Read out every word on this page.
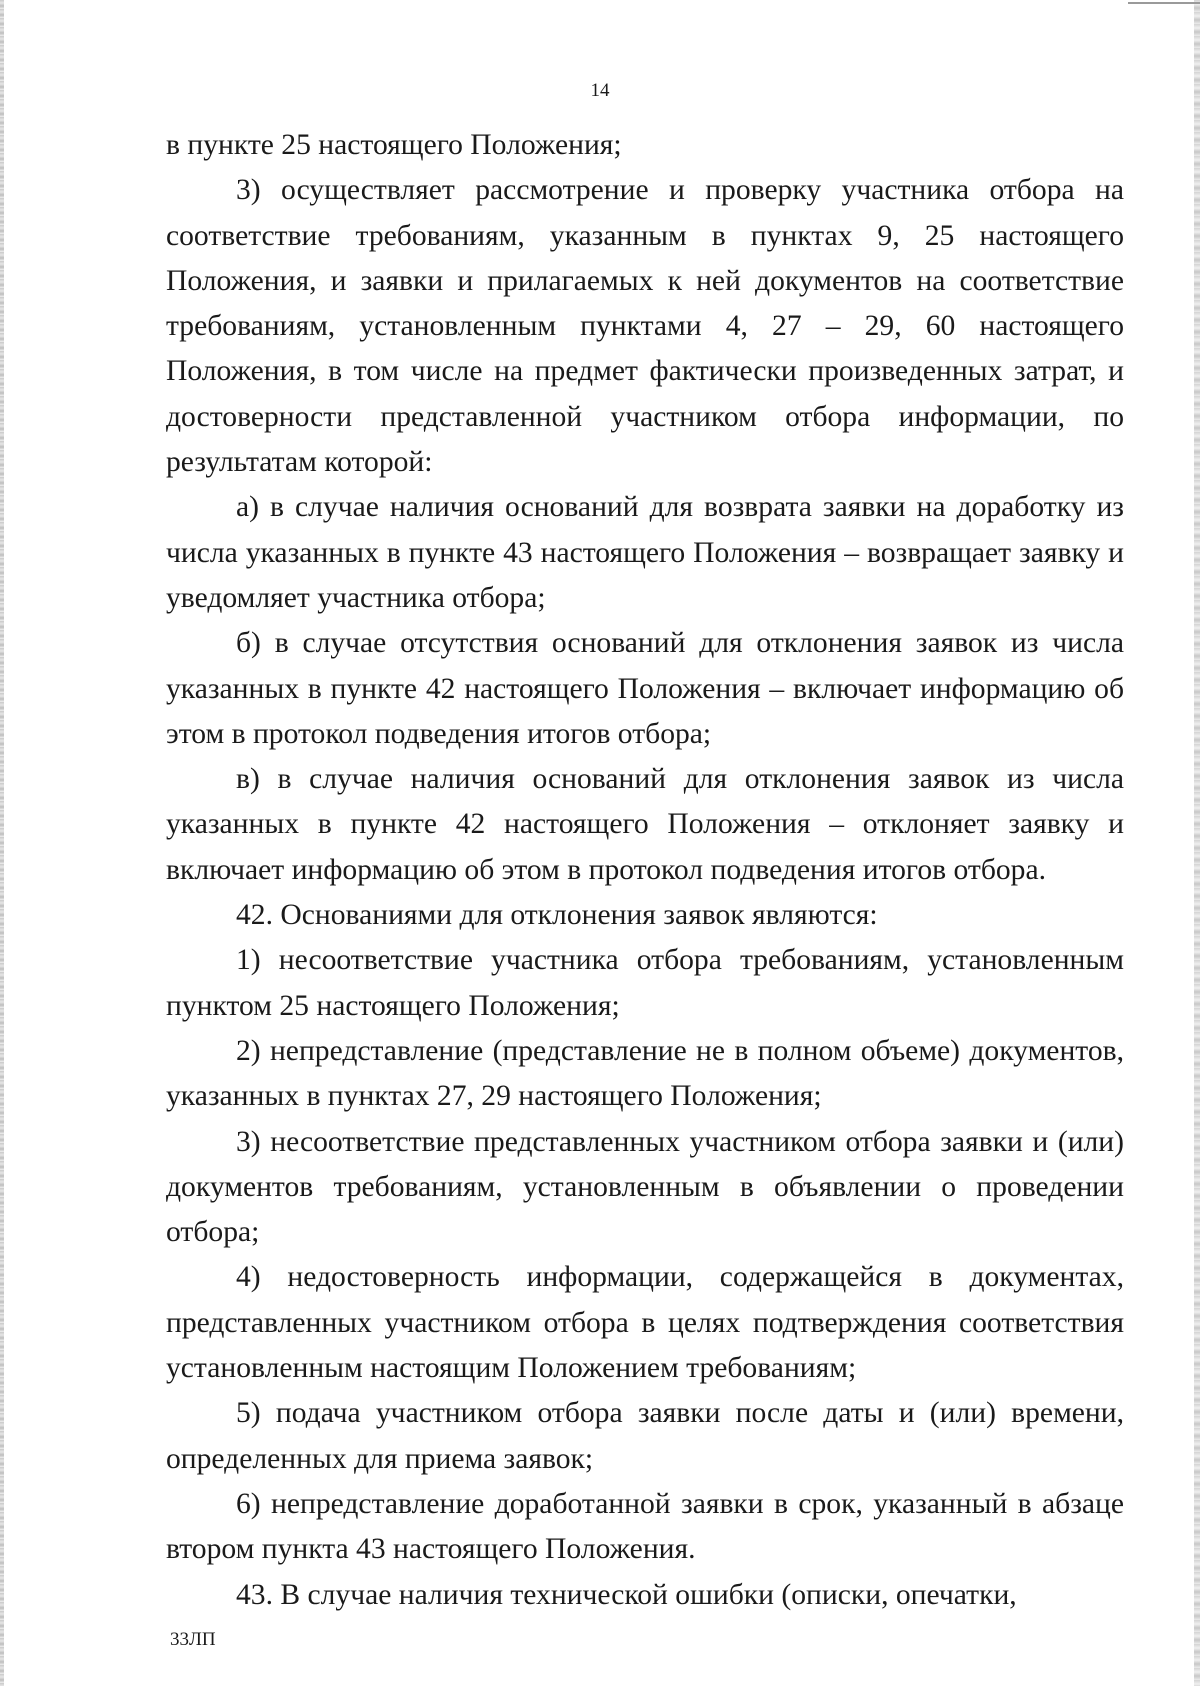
14

в пункте 25 настоящего Положения;

3) осуществляет рассмотрение и проверку участника отбора на соответствие требованиям, указанным в пунктах 9, 25 настоящего Положения, и заявки и прилагаемых к ней документов на соответствие требованиям, установленным пунктами 4, 27 – 29, 60 настоящего Положения, в том числе на предмет фактически произведенных затрат, и достоверности представленной участником отбора информации, по результатам которой:

а) в случае наличия оснований для возврата заявки на доработку из числа указанных в пункте 43 настоящего Положения – возвращает заявку и уведомляет участника отбора;

б) в случае отсутствия оснований для отклонения заявок из числа указанных в пункте 42 настоящего Положения – включает информацию об этом в протокол подведения итогов отбора;

в) в случае наличия оснований для отклонения заявок из числа указанных в пункте 42 настоящего Положения – отклоняет заявку и включает информацию об этом в протокол подведения итогов отбора.

42. Основаниями для отклонения заявок являются:

1) несоответствие участника отбора требованиям, установленным пунктом 25 настоящего Положения;

2) непредставление (представление не в полном объеме) документов, указанных в пунктах 27, 29 настоящего Положения;

3) несоответствие представленных участником отбора заявки и (или) документов требованиям, установленным в объявлении о проведении отбора;

4) недостоверность информации, содержащейся в документах, представленных участником отбора в целях подтверждения соответствия установленным настоящим Положением требованиям;

5) подача участником отбора заявки после даты и (или) времени, определенных для приема заявок;

6) непредставление доработанной заявки в срок, указанный в абзаце втором пункта 43 настоящего Положения.

43. В случае наличия технической ошибки (описки, опечатки,

33ЛП
